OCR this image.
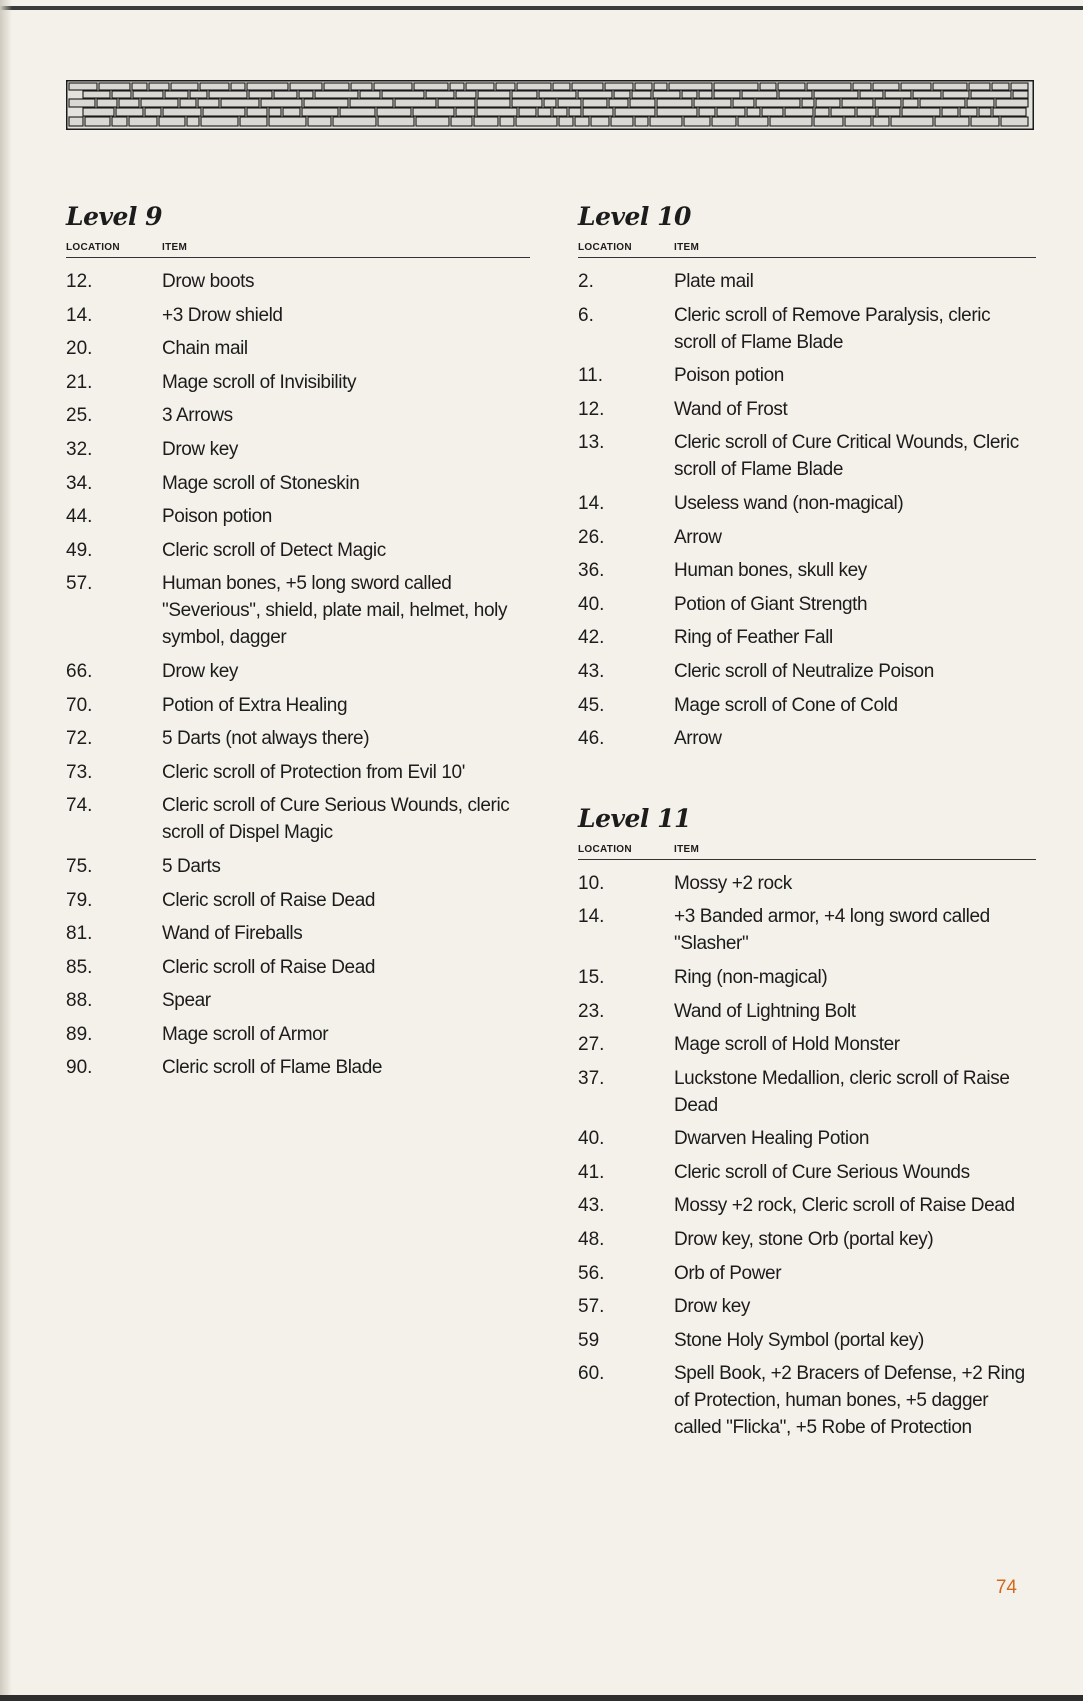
Level 9
LOCATION	ITEM
12.	Drow boots
14.	+3 Drow shield
20.	Chain mail
21.	Mage scroll of Invisibility
25.	3 Arrows
32.	Drow key
34.	Mage scroll of Stoneskin
44.	Poison potion
49.	Cleric scroll of Detect Magic
57.	Human bones, +5 long sword called "Severious", shield, plate mail, helmet, holy symbol, dagger
66.	Drow key
70.	Potion of Extra Healing
72.	5 Darts (not always there)
73.	Cleric scroll of Protection from Evil 10'
74.	Cleric scroll of Cure Serious Wounds, cleric scroll of Dispel Magic
75.	5 Darts
79.	Cleric scroll of Raise Dead
81.	Wand of Fireballs
85.	Cleric scroll of Raise Dead
88.	Spear
89.	Mage scroll of Armor
90.	Cleric scroll of Flame Blade
Level 10
LOCATION	ITEM
2.	Plate mail
6.	Cleric scroll of Remove Paralysis, cleric scroll of Flame Blade
11.	Poison potion
12.	Wand of Frost
13.	Cleric scroll of Cure Critical Wounds, Cleric scroll of Flame Blade
14.	Useless wand (non-magical)
26.	Arrow
36.	Human bones, skull key
40.	Potion of Giant Strength
42.	Ring of Feather Fall
43.	Cleric scroll of Neutralize Poison
45.	Mage scroll of Cone of Cold
46.	Arrow
Level 11
LOCATION	ITEM
10.	Mossy +2 rock
14.	+3 Banded armor, +4 long sword called "Slasher"
15.	Ring (non-magical)
23.	Wand of Lightning Bolt
27.	Mage scroll of Hold Monster
37.	Luckstone Medallion, cleric scroll of Raise Dead
40.	Dwarven Healing Potion
41.	Cleric scroll of Cure Serious Wounds
43.	Mossy +2 rock, Cleric scroll of Raise Dead
48.	Drow key, stone Orb (portal key)
56.	Orb of Power
57.	Drow key
59	Stone Holy Symbol (portal key)
60.	Spell Book, +2 Bracers of Defense, +2 Ring of Protection, human bones, +5 dagger called "Flicka", +5 Robe of Protection
74
